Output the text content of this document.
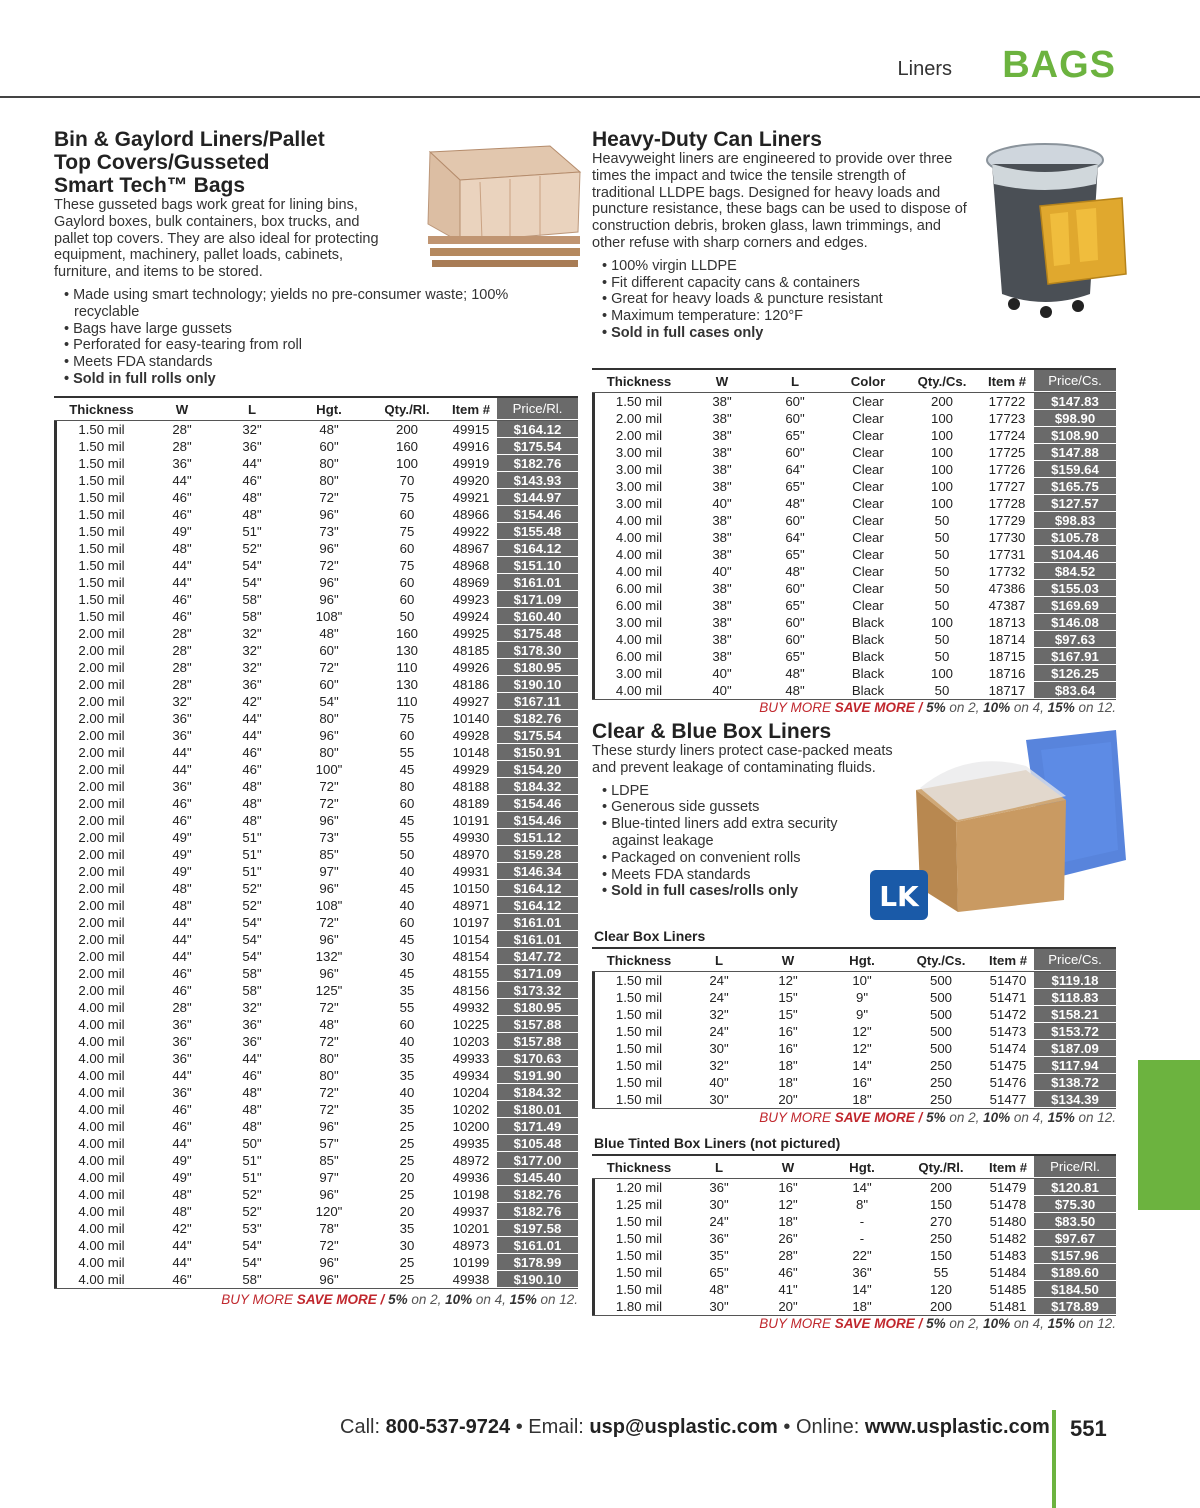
Liners BAGS
Bin & Gaylord Liners/Pallet
Top Covers/Gusseted
Smart Tech™ Bags

These gusseted bags work great for lining bins, Gaylord boxes, bulk containers, box trucks, and pallet top covers. They are also ideal for protecting equipment, machinery, pallet loads, cabinets, furniture, and items to be stored.

• Made using smart technology; yields no pre-consumer waste; 100% recyclable
• Bags have large gussets
• Perforated for easy-tearing from roll
• Meets FDA standards
• Sold in full rolls only
Thickness	W	L	Hgt.	Qty./Rl.	Item #	Price/Rl.
1.50 mil	28"	32"	48"	200	49915	$164.12
1.50 mil	28"	36"	60"	160	49916	$175.54
1.50 mil	36"	44"	80"	100	49919	$182.76
1.50 mil	44"	46"	80"	70	49920	$143.93
1.50 mil	46"	48"	72"	75	49921	$144.97
1.50 mil	46"	48"	96"	60	48966	$154.46
1.50 mil	49"	51"	73"	75	49922	$155.48
1.50 mil	48"	52"	96"	60	48967	$164.12
1.50 mil	44"	54"	72"	75	48968	$151.10
1.50 mil	44"	54"	96"	60	48969	$161.01
1.50 mil	46"	58"	96"	60	49923	$171.09
1.50 mil	46"	58"	108"	50	49924	$160.40
2.00 mil	28"	32"	48"	160	49925	$175.48
2.00 mil	28"	32"	60"	130	48185	$178.30
2.00 mil	28"	32"	72"	110	49926	$180.95
2.00 mil	28"	36"	60"	130	48186	$190.10
2.00 mil	32"	42"	54"	110	49927	$167.11
2.00 mil	36"	44"	80"	75	10140	$182.76
2.00 mil	36"	44"	96"	60	49928	$175.54
2.00 mil	44"	46"	80"	55	10148	$150.91
2.00 mil	44"	46"	100"	45	49929	$154.20
2.00 mil	36"	48"	72"	80	48188	$184.32
2.00 mil	46"	48"	72"	60	48189	$154.46
2.00 mil	46"	48"	96"	45	10191	$154.46
2.00 mil	49"	51"	73"	55	49930	$151.12
2.00 mil	49"	51"	85"	50	48970	$159.28
2.00 mil	49"	51"	97"	40	49931	$146.34
2.00 mil	48"	52"	96"	45	10150	$164.12
2.00 mil	48"	52"	108"	40	48971	$164.12
2.00 mil	44"	54"	72"	60	10197	$161.01
2.00 mil	44"	54"	96"	45	10154	$161.01
2.00 mil	44"	54"	132"	30	48154	$147.72
2.00 mil	46"	58"	96"	45	48155	$171.09
2.00 mil	46"	58"	125"	35	48156	$173.32
4.00 mil	28"	32"	72"	55	49932	$180.95
4.00 mil	36"	36"	48"	60	10225	$157.88
4.00 mil	36"	36"	72"	40	10203	$157.88
4.00 mil	36"	44"	80"	35	49933	$170.63
4.00 mil	44"	46"	80"	35	49934	$191.90
4.00 mil	36"	48"	72"	40	10204	$184.32
4.00 mil	46"	48"	72"	35	10202	$180.01
4.00 mil	46"	48"	96"	25	10200	$171.49
4.00 mil	44"	50"	57"	25	49935	$105.48
4.00 mil	49"	51"	85"	25	48972	$177.00
4.00 mil	49"	51"	97"	20	49936	$145.40
4.00 mil	48"	52"	96"	25	10198	$182.76
4.00 mil	48"	52"	120"	20	49937	$182.76
4.00 mil	42"	53"	78"	35	10201	$197.58
4.00 mil	44"	54"	72"	30	48973	$161.01
4.00 mil	44"	54"	96"	25	10199	$178.99
4.00 mil	46"	58"	96"	25	49938	$190.10
BUY MORE SAVE MORE / 5% on 2, 10% on 4, 15% on 12.
Heavy-Duty Can Liners

Heavyweight liners are engineered to provide over three times the impact and twice the tensile strength of traditional LLDPE bags. Designed for heavy loads and puncture resistance, these bags can be used to dispose of construction debris, broken glass, lawn trimmings, and other refuse with sharp corners and edges.

• 100% virgin LLDPE
• Fit different capacity cans & containers
• Great for heavy loads & puncture resistant
• Maximum temperature: 120°F
• Sold in full cases only
Thickness	W	L	Color	Qty./Cs.	Item #	Price/Cs.
1.50 mil	38"	60"	Clear	200	17722	$147.83
2.00 mil	38"	60"	Clear	100	17723	$98.90
2.00 mil	38"	65"	Clear	100	17724	$108.90
3.00 mil	38"	60"	Clear	100	17725	$147.88
3.00 mil	38"	64"	Clear	100	17726	$159.64
3.00 mil	38"	65"	Clear	100	17727	$165.75
3.00 mil	40"	48"	Clear	100	17728	$127.57
4.00 mil	38"	60"	Clear	50	17729	$98.83
4.00 mil	38"	64"	Clear	50	17730	$105.78
4.00 mil	38"	65"	Clear	50	17731	$104.46
4.00 mil	40"	48"	Clear	50	17732	$84.52
6.00 mil	38"	60"	Clear	50	47386	$155.03
6.00 mil	38"	65"	Clear	50	47387	$169.69
3.00 mil	38"	60"	Black	100	18713	$146.08
4.00 mil	38"	60"	Black	50	18714	$97.63
6.00 mil	38"	65"	Black	50	18715	$167.91
3.00 mil	40"	48"	Black	100	18716	$126.25
4.00 mil	40"	48"	Black	50	18717	$83.64
BUY MORE SAVE MORE / 5% on 2, 10% on 4, 15% on 12.
Clear & Blue Box Liners

These sturdy liners protect case-packed meats and prevent leakage of contaminating fluids.

• LDPE
• Generous side gussets
• Blue-tinted liners add extra security against leakage
• Packaged on convenient rolls
• Meets FDA standards
• Sold in full cases/rolls only	LK
Clear Box Liners
Thickness	L	W	Hgt.	Qty./Cs.	Item #	Price/Cs.
1.50 mil	24"	12"	10"	500	51470	$119.18
1.50 mil	24"	15"	9"	500	51471	$118.83
1.50 mil	32"	15"	9"	500	51472	$158.21
1.50 mil	24"	16"	12"	500	51473	$153.72
1.50 mil	30"	16"	12"	500	51474	$187.09
1.50 mil	32"	18"	14"	250	51475	$117.94
1.50 mil	40"	18"	16"	250	51476	$138.72
1.50 mil	30"	20"	18"	250	51477	$134.39
BUY MORE SAVE MORE / 5% on 2, 10% on 4, 15% on 12.
Blue Tinted Box Liners (not pictured)
Thickness	L	W	Hgt.	Qty./Rl.	Item #	Price/Rl.
1.20 mil	36"	16"	14"	200	51479	$120.81
1.25 mil	30"	12"	8"	150	51478	$75.30
1.50 mil	24"	18"	-	270	51480	$83.50
1.50 mil	36"	26"	-	250	51482	$97.67
1.50 mil	35"	28"	22"	150	51483	$157.96
1.50 mil	65"	46"	36"	55	51484	$189.60
1.50 mil	48"	41"	14"	120	51485	$184.50
1.80 mil	30"	20"	18"	200	51481	$178.89
BUY MORE SAVE MORE / 5% on 2, 10% on 4, 15% on 12.
Call: 800-537-9724 • Email: usp@usplastic.com • Online: www.usplastic.com 551
